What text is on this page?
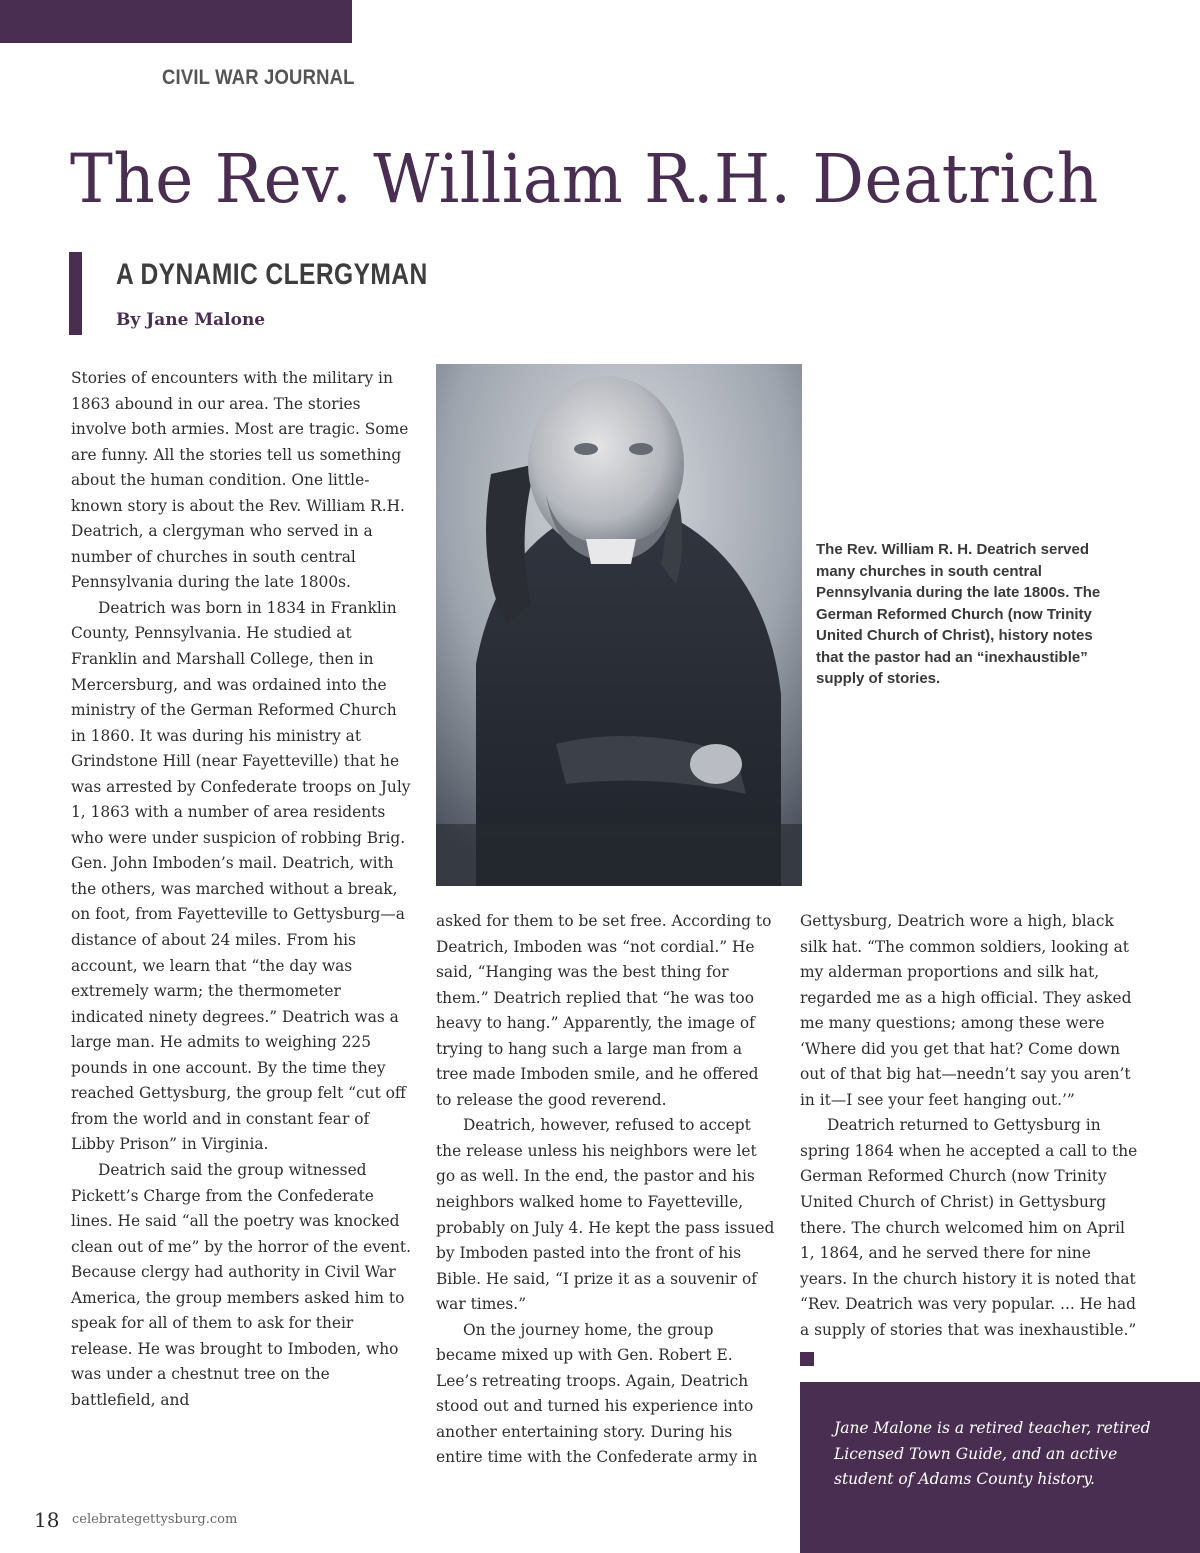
CIVIL WAR JOURNAL
The Rev. William R.H. Deatrich
A DYNAMIC CLERGYMAN
By Jane Malone

Stories of encounters with the military in 1863 abound in our area. The stories involve both armies. Most are tragic. Some are funny. All the stories tell us something about the human condition. One little-known story is about the Rev. William R.H. Deatrich, a clergyman who served in a number of churches in south central Pennsylvania during the late 1800s.

Deatrich was born in 1834 in Franklin County, Pennsylvania. He studied at Franklin and Marshall College, then in Mercersburg, and was ordained into the ministry of the German Reformed Church in 1860. It was during his ministry at Grindstone Hill (near Fayetteville) that he was arrested by Confederate troops on July 1, 1863 with a number of area residents who were under suspicion of robbing Brig. Gen. John Imboden’s mail. Deatrich, with the others, was marched without a break, on foot, from Fayetteville to Gettysburg—a distance of about 24 miles. From his account, we learn that “the day was extremely warm; the thermometer indicated ninety degrees.” Deatrich was a large man. He admits to weighing 225 pounds in one account. By the time they reached Gettysburg, the group felt “cut off from the world and in constant fear of Libby Prison” in Virginia.

Deatrich said the group witnessed Pickett’s Charge from the Confederate lines. He said “all the poetry was knocked clean out of me” by the horror of the event. Because clergy had authority in Civil War America, the group members asked him to speak for all of them to ask for their release. He was brought to Imboden, who was under a chestnut tree on the battlefield, and

The Rev. William R. H. Deatrich served many churches in south central Pennsylvania during the late 1800s. The German Reformed Church (now Trinity United Church of Christ), history notes that the pastor had an “inexhaustible” supply of stories.

asked for them to be set free. According to Deatrich, Imboden was “not cordial.” He said, “Hanging was the best thing for them.” Deatrich replied that “he was too heavy to hang.” Apparently, the image of trying to hang such a large man from a tree made Imboden smile, and he offered to release the good reverend.

Deatrich, however, refused to accept the release unless his neighbors were let go as well. In the end, the pastor and his neighbors walked home to Fayetteville, probably on July 4. He kept the pass issued by Imboden pasted into the front of his Bible. He said, “I prize it as a souvenir of war times.”

On the journey home, the group became mixed up with Gen. Robert E. Lee’s retreating troops. Again, Deatrich stood out and turned his experience into another entertaining story. During his entire time with the Confederate army in

Gettysburg, Deatrich wore a high, black silk hat. “The common soldiers, looking at my alderman proportions and silk hat, regarded me as a high official. They asked me many questions; among these were ‘Where did you get that hat? Come down out of that big hat—needn’t say you aren’t in it—I see your feet hanging out.’”

Deatrich returned to Gettysburg in spring 1864 when he accepted a call to the German Reformed Church (now Trinity United Church of Christ) in Gettysburg there. The church welcomed him on April 1, 1864, and he served there for nine years. In the church history it is noted that “Rev. Deatrich was very popular. ... He had a supply of stories that was inexhaustible.” G

Jane Malone is a retired teacher, retired Licensed Town Guide, and an active student of Adams County history.
18 celebrategettysburg.com
